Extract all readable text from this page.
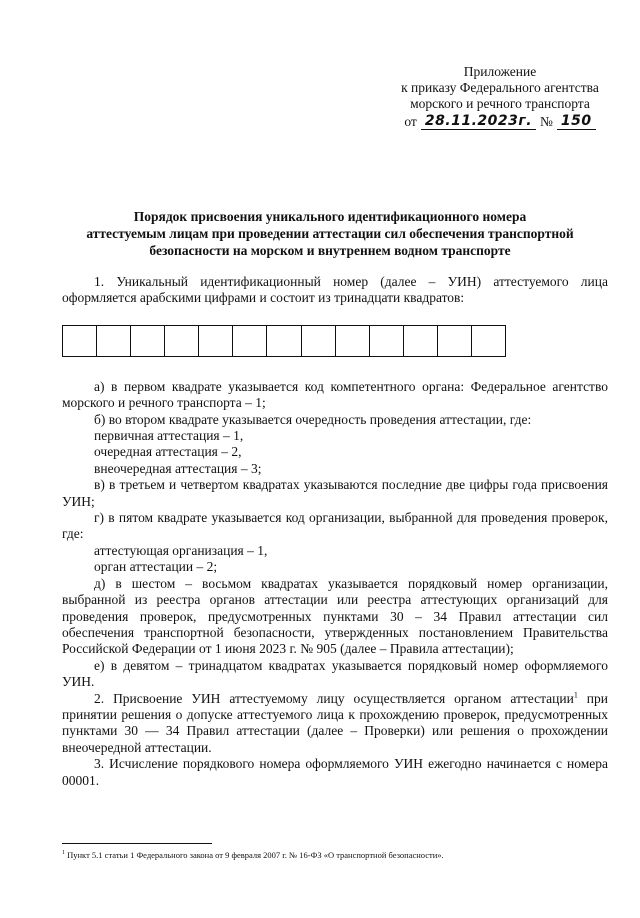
Приложение
к приказу Федерального агентства
морского и речного транспорта
от 28.11.2023г. № 150
Порядок присвоения уникального идентификационного номера
аттестуемым лицам при проведении аттестации сил обеспечения транспортной
безопасности на морском и внутреннем водном транспорте

1. Уникальный идентификационный номер (далее – УИН) аттестуемого лица оформляется арабскими цифрами и состоит из тринадцати квадратов:

а) в первом квадрате указывается код компетентного органа: Федеральное агентство морского и речного транспорта – 1;

б) во втором квадрате указывается очередность проведения аттестации, где:

первичная аттестация – 1,

очередная аттестация – 2,

внеочередная аттестация – 3;

в) в третьем и четвертом квадратах указываются последние две цифры года присвоения УИН;

г) в пятом квадрате указывается код организации, выбранной для проведения проверок, где:

аттестующая организация – 1,

орган аттестации – 2;

д) в шестом – восьмом квадратах указывается порядковый номер организации, выбранной из реестра органов аттестации или реестра аттестующих организаций для проведения проверок, предусмотренных пунктами 30 – 34 Правил аттестации сил обеспечения транспортной безопасности, утвержденных постановлением Правительства Российской Федерации от 1 июня 2023 г. № 905 (далее – Правила аттестации);

е) в девятом – тринадцатом квадратах указывается порядковый номер оформляемого УИН.

2. Присвоение УИН аттестуемому лицу осуществляется органом аттестации$^1$ при принятии решения о допуске аттестуемого лица к прохождению проверок, предусмотренных пунктами 30 — 34 Правил аттестации (далее – Проверки) или решения о прохождении внеочередной аттестации.

3. Исчисление порядкового номера оформляемого УИН ежегодно начинается с номера 00001.

$^1$ Пункт 5.1 статьи 1 Федерального закона от 9 февраля 2007 г. № 16-ФЗ «О транспортной безопасности».
